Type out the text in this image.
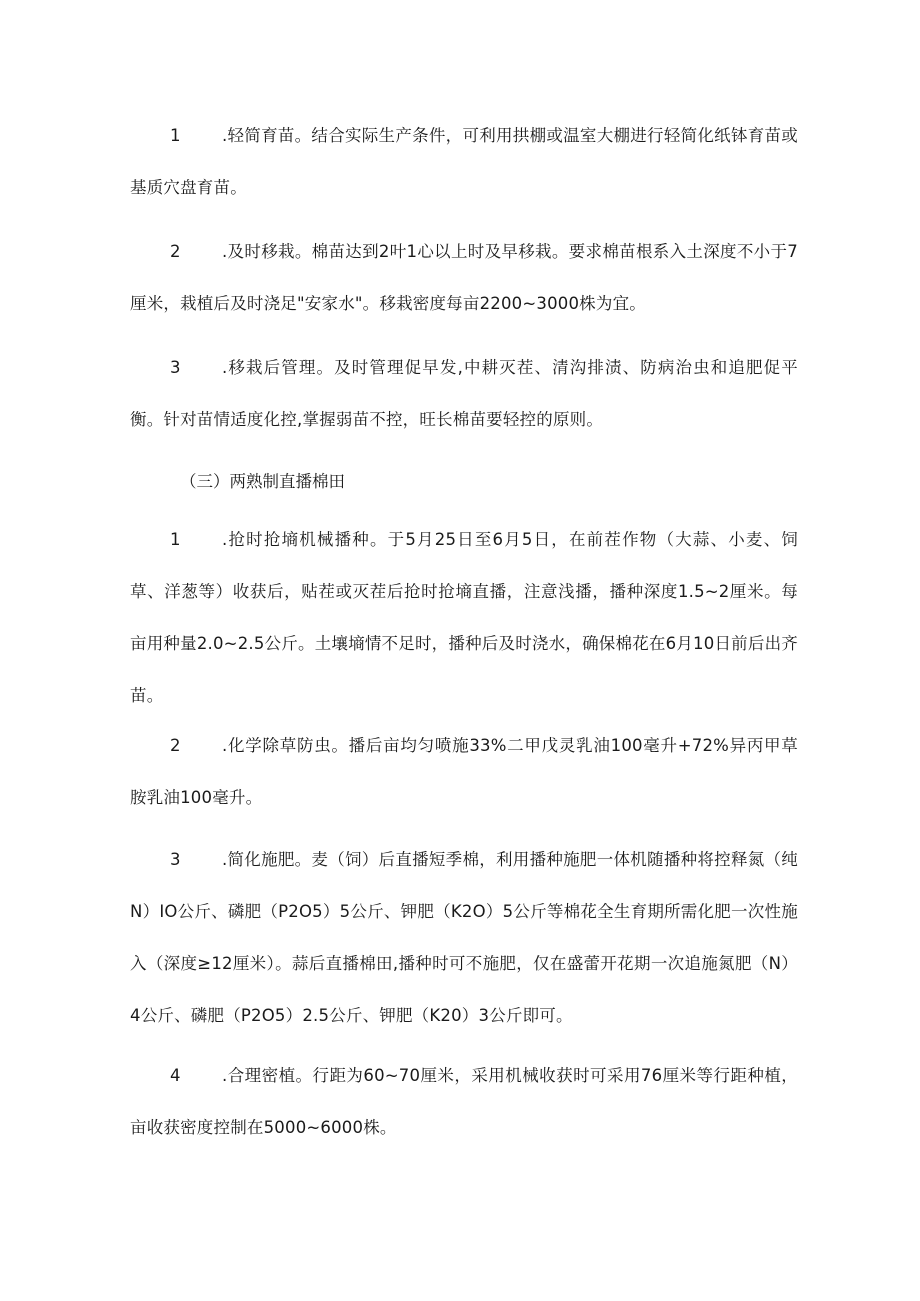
1	.轻简育苗。结合实际生产条件，可利用拱棚或温室大棚进行轻简化纸钵育苗或基质穴盘育苗。

2	.及时移栽。棉苗达到2叶1心以上时及早移栽。要求棉苗根系入土深度不小于7厘米，栽植后及时浇足"安家水"。移栽密度每亩2200~3000株为宜。

3	.移栽后管理。及时管理促早发,中耕灭茬、清沟排渍、防病治虫和追肥促平衡。针对苗情适度化控,掌握弱苗不控，旺长棉苗要轻控的原则。

（三）两熟制直播棉田

1	.抢时抢墒机械播种。于5月25日至6月5日，在前茬作物（大蒜、小麦、饲草、洋葱等）收获后，贴茬或灭茬后抢时抢墒直播，注意浅播，播种深度1.5~2厘米。每亩用种量2.0~2.5公斤。土壤墒情不足时，播种后及时浇水，确保棉花在6月10日前后出齐苗。

2	.化学除草防虫。播后亩均匀喷施33%二甲戊灵乳油100毫升+72%异丙甲草胺乳油100毫升。

3	.简化施肥。麦（饲）后直播短季棉，利用播种施肥一体机随播种将控释氮（纯N）IO公斤、磷肥（P2O5）5公斤、钾肥（K2O）5公斤等棉花全生育期所需化肥一次性施入（深度≥12厘米）。蒜后直播棉田,播种时可不施肥，仅在盛蕾开花期一次追施氮肥（N）4公斤、磷肥（P2O5）2.5公斤、钾肥（K20）3公斤即可。

4	.合理密植。行距为60~70厘米，采用机械收获时可采用76厘米等行距种植，亩收获密度控制在5000~6000株。
